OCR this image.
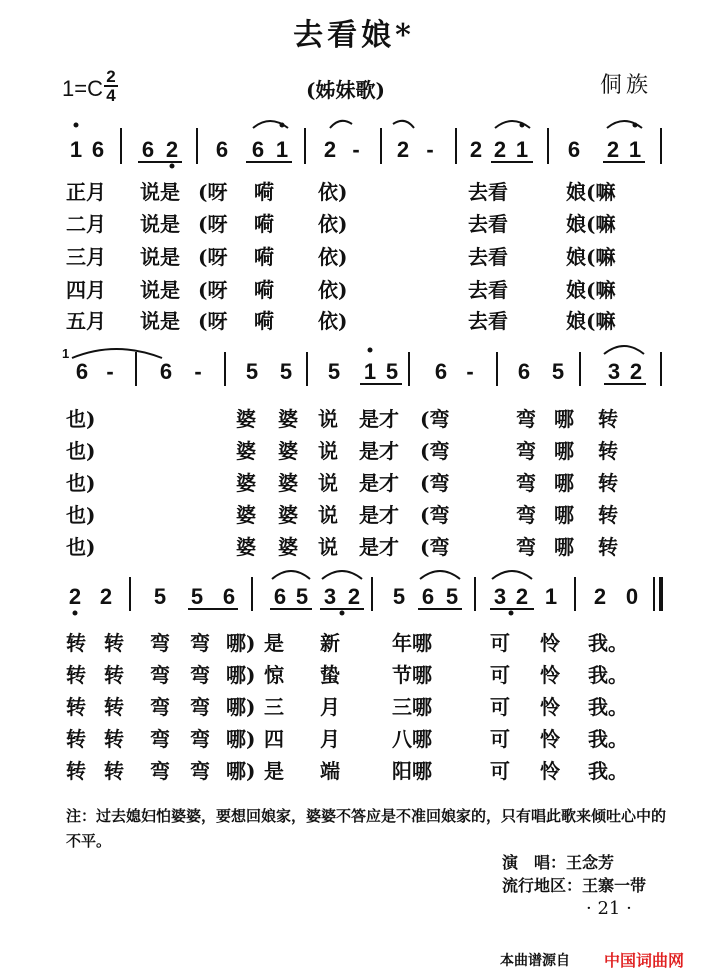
去看娘*
1=C 2
4	(姊妹歌)	侗族
1 6 6 2 6 6 1 2 - 2 - 2 2 1 6 2 1
正月 说是 (呀 嗬 依)	去看	娘(嘛
二月 说是 (呀 嗬 依)	去看	娘(嘛
三月 说是 (呀 嗬 依)	去看	娘(嘛
四月 说是 (呀 嗬 依)	去看	娘(嘛
五月 说是 (呀 嗬 依)	去看	娘(嘛
1
6 - 6 - 5 5 5 1 5 6 - 6 5 3 2
也)	婆 婆 说 是才 (弯	弯 哪 转
也)	婆 婆 说 是才 (弯	弯 哪 转
也)	婆 婆 说 是才 (弯	弯 哪 转
也)	婆 婆 说 是才 (弯	弯 哪 转
也)	婆 婆 说 是才 (弯	弯 哪 转
2 2 5 5 6 6 5 3 2 5 6 5 3 2 1 2 0
转 转 弯 弯 哪) 是 新	年哪	可 怜 我。
转 转 弯 弯 哪) 惊 蛰	节哪	可 怜 我。
转 转 弯 弯 哪) 三 月	三哪	可 怜 我。
转 转 弯 弯 哪) 四 月	八哪	可 怜 我。
转 转 弯 弯 哪) 是 端	阳哪	可 怜 我。
注：过去媳妇怕婆婆，要想回娘家，婆婆不答应是不准回娘家的，只有唱此歌来倾吐心中的不平。
演　唱：王念芳
流行地区：王寨一带
· 21 ·
本曲谱源自 中国词曲网
